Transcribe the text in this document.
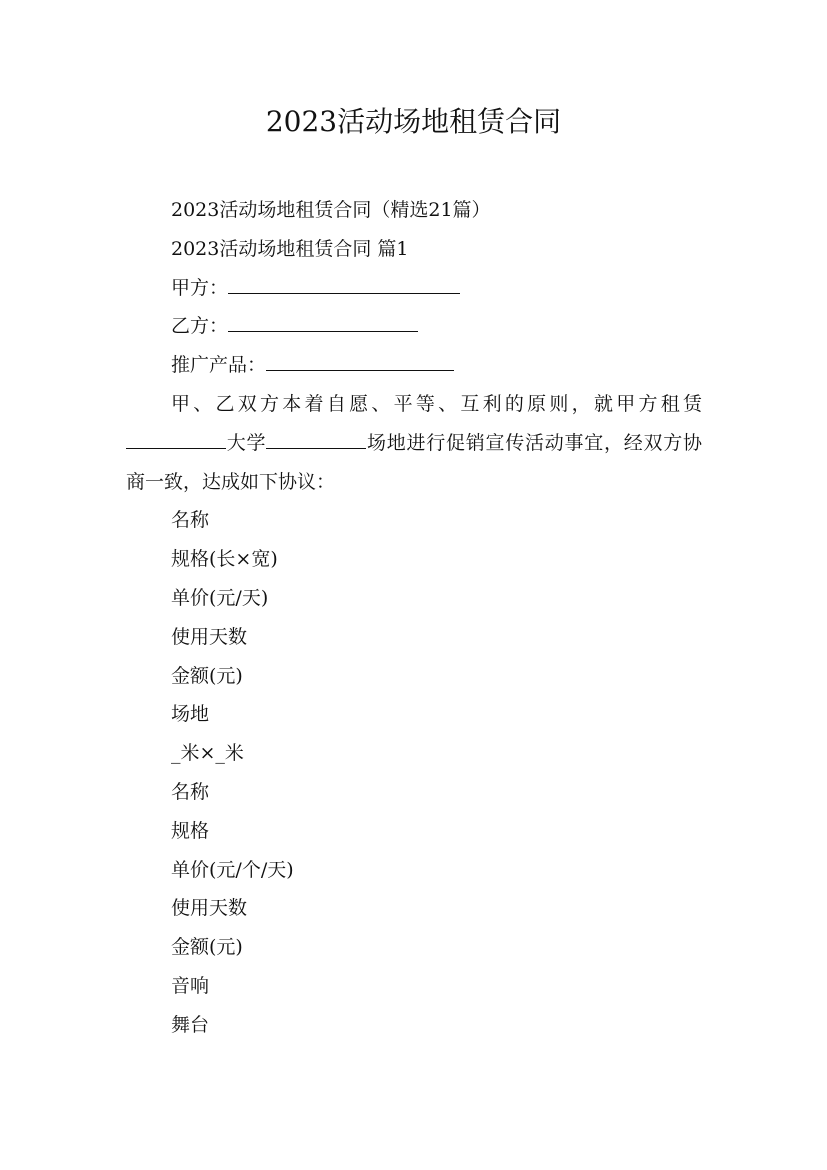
2023活动场地租赁合同

2023活动场地租赁合同（精选21篇）

2023活动场地租赁合同 篇1

甲方：

乙方：

推广产品：

甲、乙双方本着自愿、平等、互利的原则，就甲方租赁大学	场地进行促销宣传活动事宜，经双方协商一致，达成如下协议：

名称

规格(长×宽)

单价(元/天)

使用天数

金额(元)

场地

_米×_米

名称

规格

单价(元/个/天)

使用天数

金额(元)

音响

舞台
